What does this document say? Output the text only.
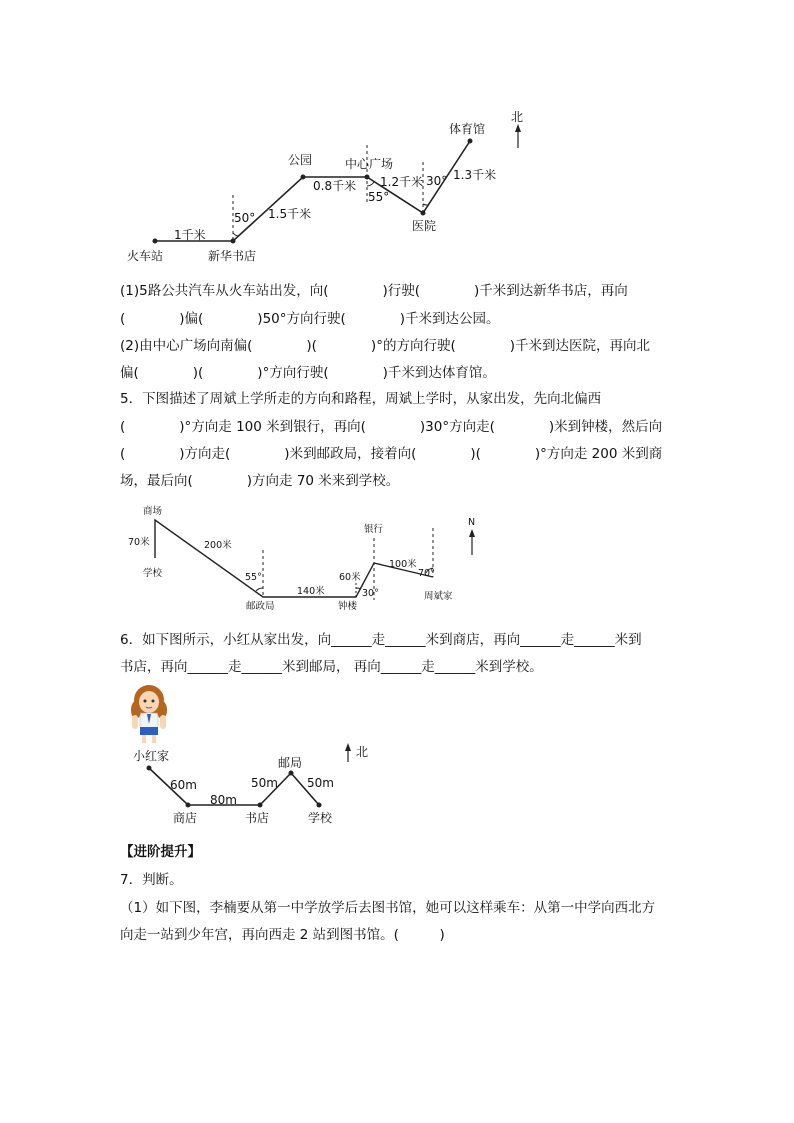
火车站	新华书店
公园	中心广场
医院
体育馆
北
1千米
1.5千米
0.8千米 1.2千米 1.3千米
50°
55°
30°
(1)5路公共汽车从火车站出发，向(　　　　)行驶(　　　　)千米到达新华书店，再向
(　　　　)偏(　　　　)50°方向行驶(　　　　)千米到达公园。
(2)由中心广场向南偏(　　　　)(　　　　)°的方向行驶(　　　　)千米到达医院，再向北
偏(　　　　)(　　　　)°方向行驶(　　　　)千米到达体育馆。
5．下图描述了周斌上学所走的方向和路程，周斌上学时，从家出发，先向北偏西
(　　　　)°方向走 100 米到银行，再向(　　　　)30°方向走(　　　　)米到钟楼，然后向
(　　　　)方向走(　　　　)米到邮政局，接着向(　　　　)(　　　　)°方向走 200 米到商
场，最后向(　　　　)方向走 70 米来到学校。
商场
学校
邮政局	钟楼
银行
周斌家
N
70米	200米
140米
60米
100米
55°
30°
70°
6．如下图所示，小红从家出发，向______走______米到商店，再向______走______米到
书店，再向______走______米到邮局， 再向______走______米到学校。
小红家
商店	书店
邮局
学校
北
60m
80m
50m 50m
【进阶提升】
7．判断。
（1）如下图，李楠要从第一中学放学后去图书馆，她可以这样乘车：从第一中学向西北方
向走一站到少年宫，再向西走 2 站到图书馆。(　　　)
